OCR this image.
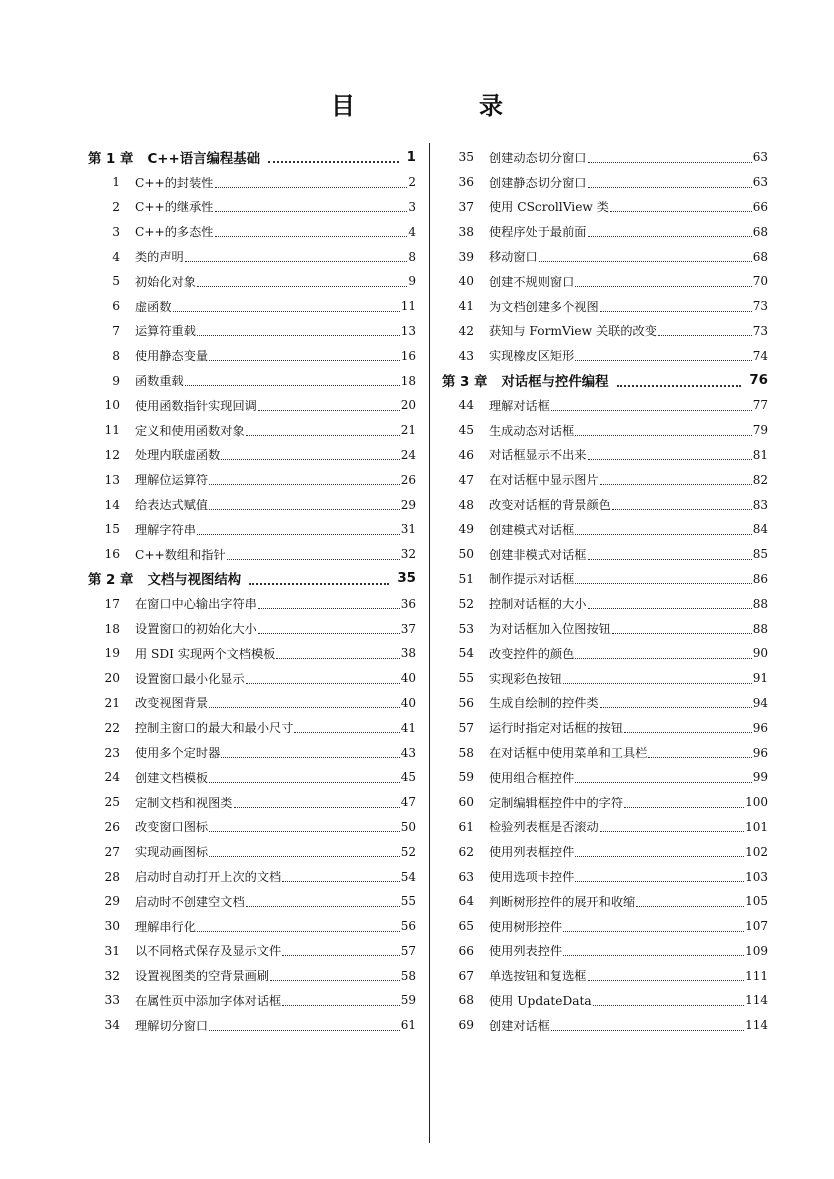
目　录
第 1 章 C++语言编程基础	1
1 C++的封装性	2
2 C++的继承性	3
3 C++的多态性	4
4 类的声明	8
5 初始化对象	9
6 虚函数	11
7 运算符重载	13
8 使用静态变量	16
9 函数重载	18
10 使用函数指针实现回调	20
11 定义和使用函数对象	21
12 处理内联虚函数	24
13 理解位运算符	26
14 给表达式赋值	29
15 理解字符串	31
16 C++数组和指针	32
第 2 章 文档与视图结构	35
17 在窗口中心输出字符串	36
18 设置窗口的初始化大小	37
19 用 SDI 实现两个文档模板	38
20 设置窗口最小化显示	40
21 改变视图背景	40
22 控制主窗口的最大和最小尺寸	41
23 使用多个定时器	43
24 创建文档模板	45
25 定制文档和视图类	47
26 改变窗口图标	50
27 实现动画图标	52
28 启动时自动打开上次的文档	54
29 启动时不创建空文档	55
30 理解串行化	56
31 以不同格式保存及显示文件	57
32 设置视图类的空背景画刷	58
33 在属性页中添加字体对话框	59
34 理解切分窗口	61
35 创建动态切分窗口	63
36 创建静态切分窗口	63
37 使用 CScrollView 类	66
38 使程序处于最前面	68
39 移动窗口	68
40 创建不规则窗口	70
41 为文档创建多个视图	73
42 获知与 FormView 关联的改变	73
43 实现橡皮区矩形	74
第 3 章 对话框与控件编程	76
44 理解对话框	77
45 生成动态对话框	79
46 对话框显示不出来	81
47 在对话框中显示图片	82
48 改变对话框的背景颜色	83
49 创建模式对话框	84
50 创建非模式对话框	85
51 制作提示对话框	86
52 控制对话框的大小	88
53 为对话框加入位图按钮	88
54 改变控件的颜色	90
55 实现彩色按钮	91
56 生成自绘制的控件类	94
57 运行时指定对话框的按钮	96
58 在对话框中使用菜单和工具栏	96
59 使用组合框控件	99
60 定制编辑框控件中的字符	100
61 检验列表框是否滚动	101
62 使用列表框控件	102
63 使用选项卡控件	103
64 判断树形控件的展开和收缩	105
65 使用树形控件	107
66 使用列表控件	109
67 单选按钮和复选框	111
68 使用 UpdateData	114
69 创建对话框	114
